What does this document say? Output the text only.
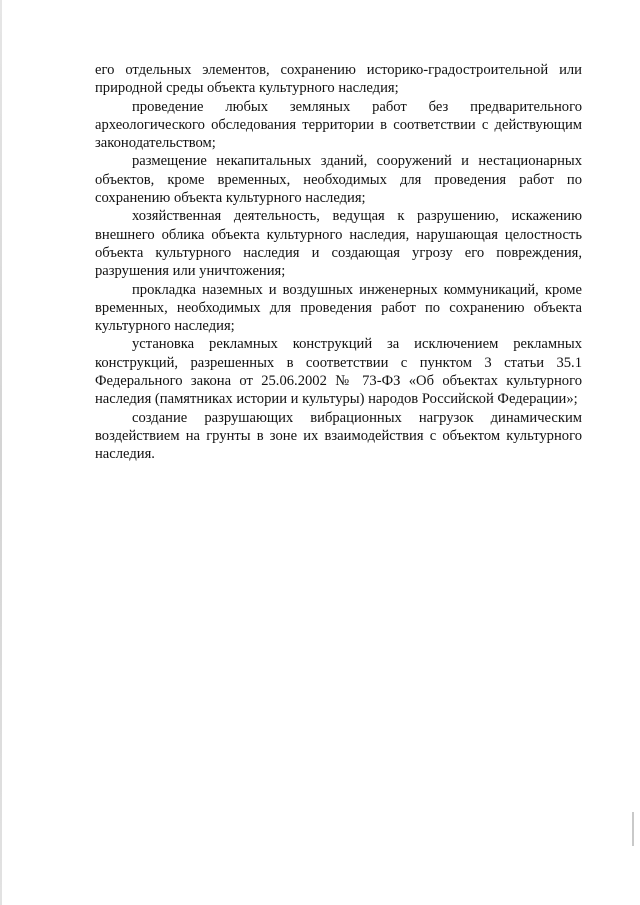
его отдельных элементов, сохранению историко-градостроительной или природной среды объекта культурного наследия;

проведение любых земляных работ без предварительного археологического обследования территории в соответствии с действующим законодательством;

размещение некапитальных зданий, сооружений и нестационарных объектов, кроме временных, необходимых для проведения работ по сохранению объекта культурного наследия;

хозяйственная деятельность, ведущая к разрушению, искажению внешнего облика объекта культурного наследия, нарушающая целостность объекта культурного наследия и создающая угрозу его повреждения, разрушения или уничтожения;

прокладка наземных и воздушных инженерных коммуникаций, кроме временных, необходимых для проведения работ по сохранению объекта культурного наследия;

установка рекламных конструкций за исключением рекламных конструкций, разрешенных в соответствии с пунктом 3 статьи 35.1 Федерального закона от 25.06.2002 № 73-ФЗ «Об объектах культурного наследия (памятниках истории и культуры) народов Российской Федерации»;

создание разрушающих вибрационных нагрузок динамическим воздействием на грунты в зоне их взаимодействия с объектом культурного наследия.
